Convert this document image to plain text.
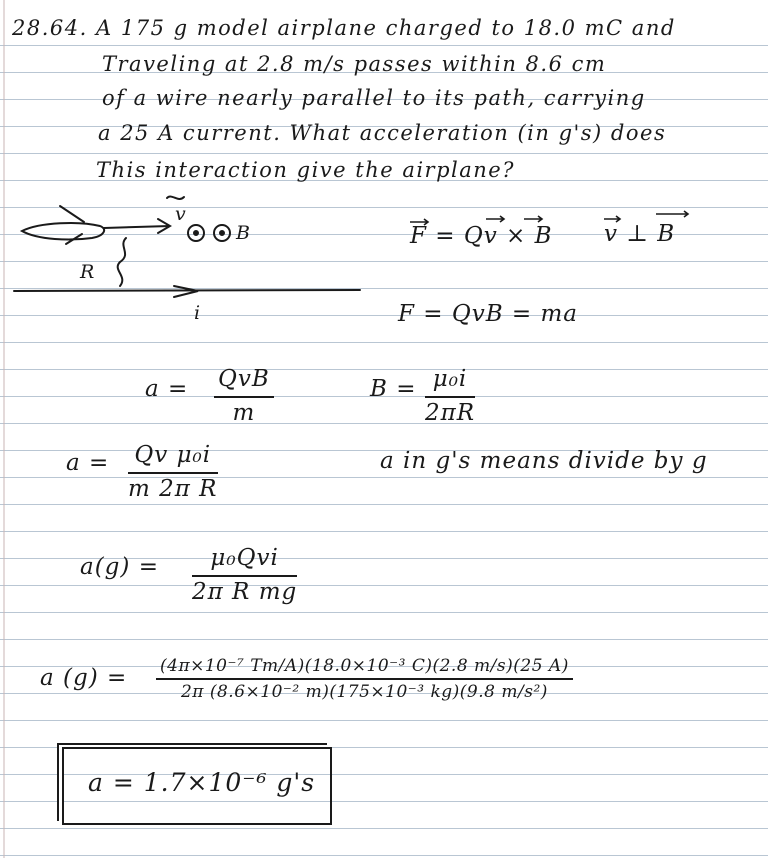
28.64. A 175 g model airplane charged to 18.0 mC and
Traveling at 2.8 m/s passes within 8.6 cm
of a wire nearly parallel to its path, carrying
a 25 A current. What acceleration (in g's) does
This interaction give the airplane?
v
B
R
i
F = Qv × B v ⊥ B
F = QvB = ma
a = QvB
m
$B = \frac{\text{μ₀i}}{2\pi R}$
$a = \frac{\text{Qv μ₀i}}{\text{m 2π R}}$	a in g's means divide by g
a(g) =	μ₀Qvi
2π R mg
a $(g) = \frac{\text{(4π×10⁻⁷ Tm/A)(18.0×10⁻³ C)(2.8 m/s)(25 A)}}{\text{2π (8.6×10⁻² m)(175×10⁻³ kg)(9.8 m/s²)}}$
a = 1.7×10⁻⁶ g's
